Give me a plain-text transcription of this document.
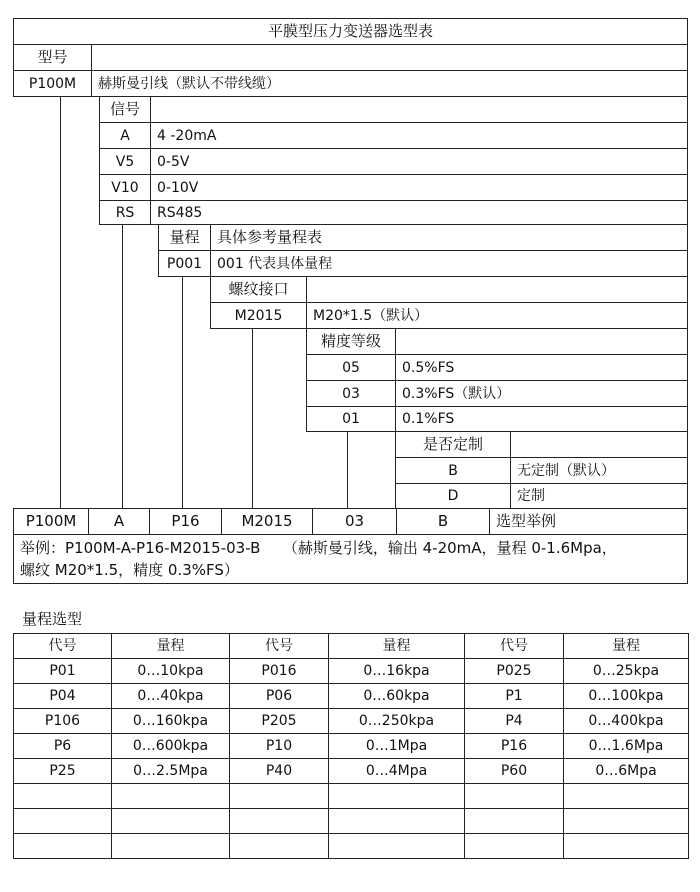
平膜型压力变送器选型表
型号
P100M	赫斯曼引线（默认不带线缆）
信号
A	4 -20mA
V5	0-5V
V10	0-10V
RS	RS485
量程	具体参考量程表
P001	001 代表具体量程
螺纹接口
M2015	M20*1.5（默认）
精度等级
05	0.5%FS
03	0.3%FS（默认）
01	0.1%FS
是否定制
B	无定制（默认）
D	定制
P100M	A	P16	M2015	03	B	选型举例
举例：P100M-A-P16-M2015-03-B　　（赫斯曼引线，输出 4-20mA，量程 0-1.6Mpa，
螺纹 M20*1.5，精度 0.3%FS）
量程选型
代号	量程	代号	量程	代号	量程
P01	0…10kpa	P016	0…16kpa	P025	0…25kpa
P04	0…40kpa	P06	0…60kpa	P1	0…100kpa
P106	0…160kpa	P205	0…250kpa	P4	0…400kpa
P6	0…600kpa	P10	0…1Mpa	P16	0…1.6Mpa
P25	0…2.5Mpa	P40	0…4Mpa	P60	0…6Mpa
